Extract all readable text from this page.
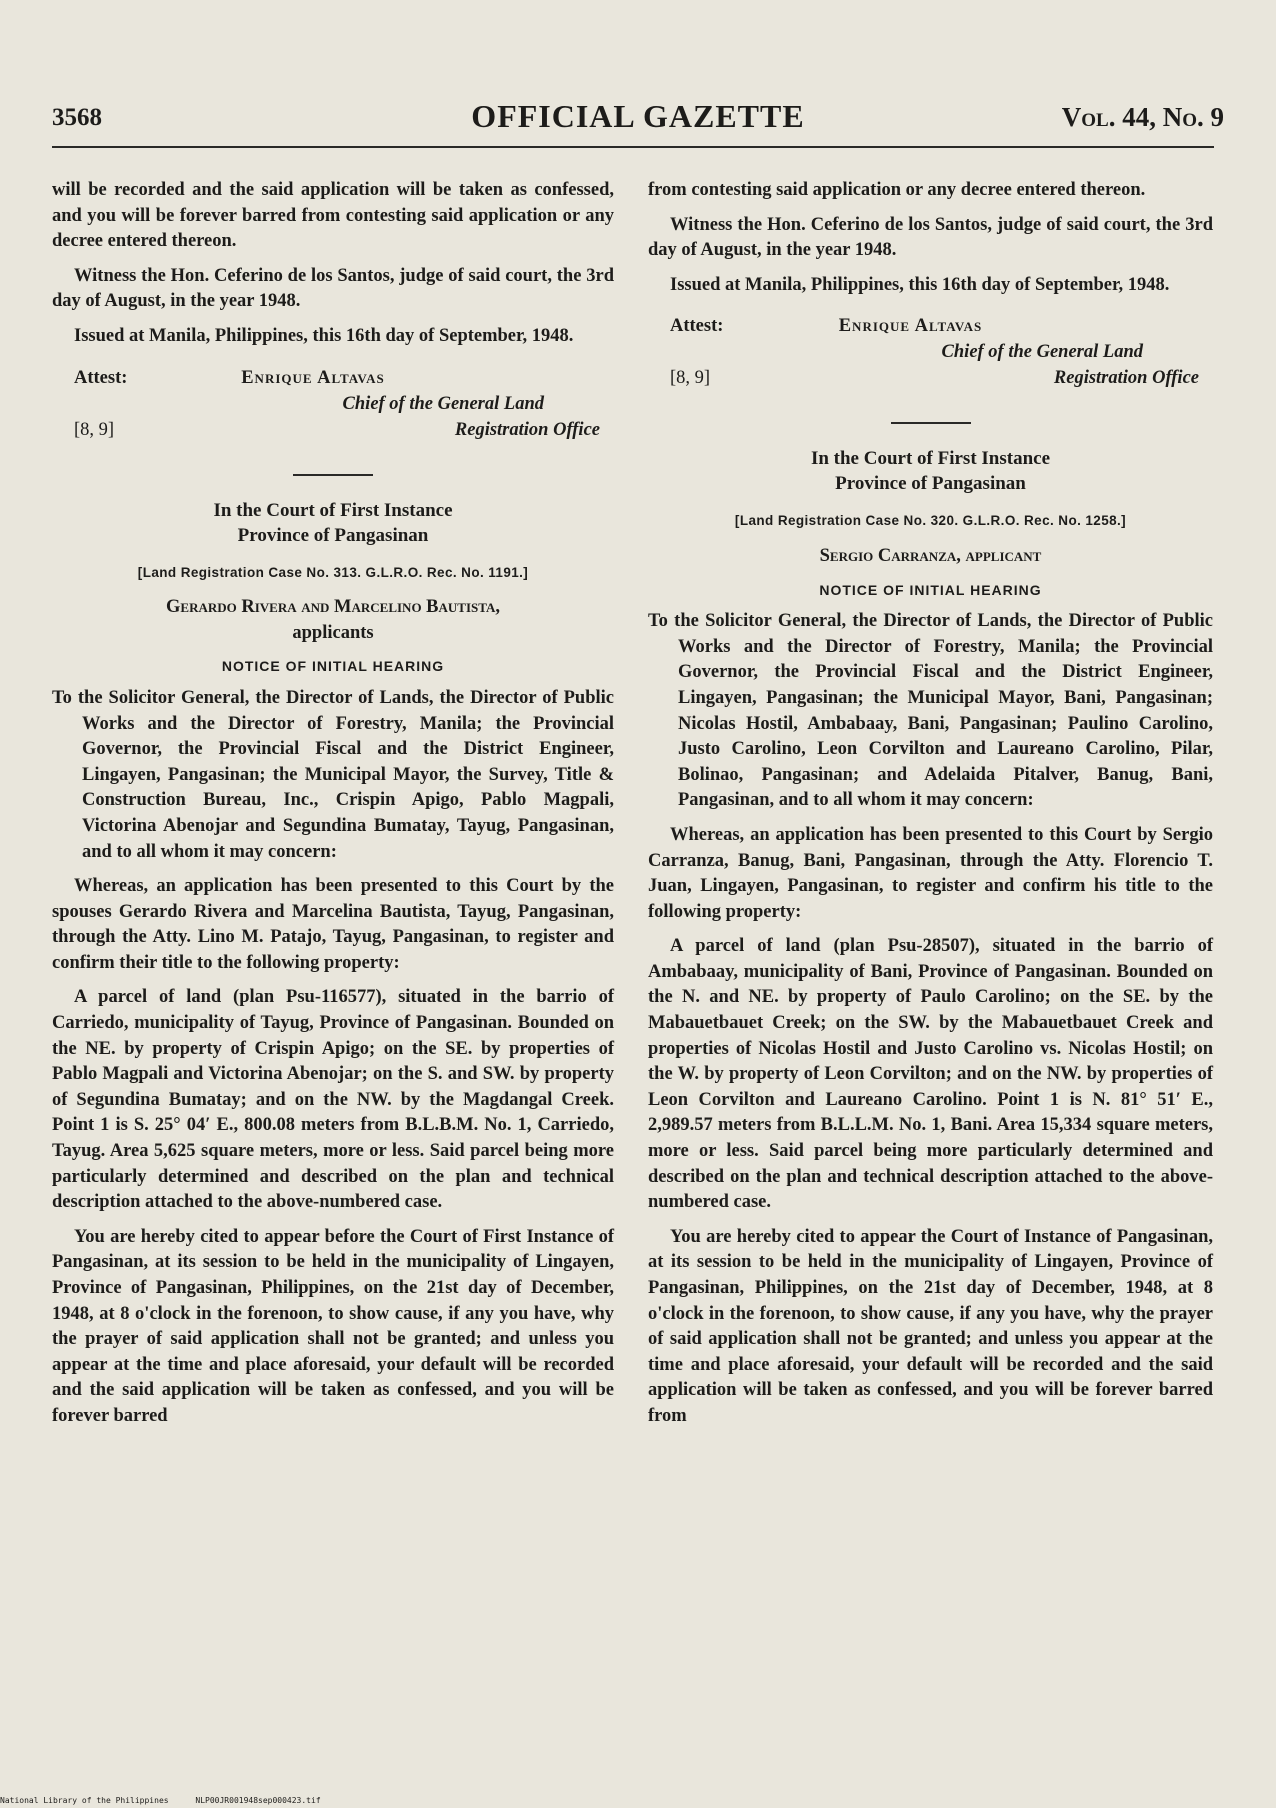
3568	OFFICIAL GAZETTE	Vol. 44, No. 9

will be recorded and the said application will be taken as confessed, and you will be forever barred from contesting said application or any decree entered thereon.

Witness the Hon. Ceferino de los Santos, judge of said court, the 3rd day of August, in the year 1948.

Issued at Manila, Philippines, this 16th day of September, 1948.

Attest:	Enrique Altavas
Chief of the General Land
[8, 9]	Registration Office

In the Court of First Instance

Province of Pangasinan

[Land Registration Case No. 313. G.L.R.O. Rec. No. 1191.]

Gerardo Rivera and Marcelino Bautista,

applicants

NOTICE OF INITIAL HEARING

To the Solicitor General, the Director of Lands, the Director of Public Works and the Director of Forestry, Manila; the Provincial Governor, the Provincial Fiscal and the District Engineer, Lingayen, Pangasinan; the Municipal Mayor, the Survey, Title & Construction Bureau, Inc., Crispin Apigo, Pablo Magpali, Victorina Abenojar and Segundina Bumatay, Tayug, Pangasinan, and to all whom it may concern:

Whereas, an application has been presented to this Court by the spouses Gerardo Rivera and Marcelina Bautista, Tayug, Pangasinan, through the Atty. Lino M. Patajo, Tayug, Pangasinan, to register and confirm their title to the following property:

A parcel of land (plan Psu-116577), situated in the barrio of Carriedo, municipality of Tayug, Province of Pangasinan. Bounded on the NE. by property of Crispin Apigo; on the SE. by properties of Pablo Magpali and Victorina Abenojar; on the S. and SW. by property of Segundina Bumatay; and on the NW. by the Magdangal Creek. Point 1 is S. 25° 04′ E., 800.08 meters from B.L.B.M. No. 1, Carriedo, Tayug. Area 5,625 square meters, more or less. Said parcel being more particularly determined and described on the plan and technical description attached to the above-numbered case.

You are hereby cited to appear before the Court of First Instance of Pangasinan, at its session to be held in the municipality of Lingayen, Province of Pangasinan, Philippines, on the 21st day of December, 1948, at 8 o'clock in the forenoon, to show cause, if any you have, why the prayer of said application shall not be granted; and unless you appear at the time and place aforesaid, your default will be recorded and the said application will be taken as confessed, and you will be forever barred

from contesting said application or any decree entered thereon.

Witness the Hon. Ceferino de los Santos, judge of said court, the 3rd day of August, in the year 1948.

Issued at Manila, Philippines, this 16th day of September, 1948.

Attest:	Enrique Altavas
Chief of the General Land
[8, 9]	Registration Office

In the Court of First Instance

Province of Pangasinan

[Land Registration Case No. 320. G.L.R.O. Rec. No. 1258.]

Sergio Carranza, applicant

NOTICE OF INITIAL HEARING

To the Solicitor General, the Director of Lands, the Director of Public Works and the Director of Forestry, Manila; the Provincial Governor, the Provincial Fiscal and the District Engineer, Lingayen, Pangasinan; the Municipal Mayor, Bani, Pangasinan; Nicolas Hostil, Ambabaay, Bani, Pangasinan; Paulino Carolino, Justo Carolino, Leon Corvilton and Laureano Carolino, Pilar, Bolinao, Pangasinan; and Adelaida Pitalver, Banug, Bani, Pangasinan, and to all whom it may concern:

Whereas, an application has been presented to this Court by Sergio Carranza, Banug, Bani, Pangasinan, through the Atty. Florencio T. Juan, Lingayen, Pangasinan, to register and confirm his title to the following property:

A parcel of land (plan Psu-28507), situated in the barrio of Ambabaay, municipality of Bani, Province of Pangasinan. Bounded on the N. and NE. by property of Paulo Carolino; on the SE. by the Mabauetbauet Creek; on the SW. by the Mabauetbauet Creek and properties of Nicolas Hostil and Justo Carolino vs. Nicolas Hostil; on the W. by property of Leon Corvilton; and on the NW. by properties of Leon Corvilton and Laureano Carolino. Point 1 is N. 81° 51′ E., 2,989.57 meters from B.L.L.M. No. 1, Bani. Area 15,334 square meters, more or less. Said parcel being more particularly determined and described on the plan and technical description attached to the above-numbered case.

You are hereby cited to appear the Court of Instance of Pangasinan, at its session to be held in the municipality of Lingayen, Province of Pangasinan, Philippines, on the 21st day of December, 1948, at 8 o'clock in the forenoon, to show cause, if any you have, why the prayer of said application shall not be granted; and unless you appear at the time and place aforesaid, your default will be recorded and the said application will be taken as confessed, and you will be forever barred from

National Library of the Philippines	NLP00JR001948sep000423.tif
